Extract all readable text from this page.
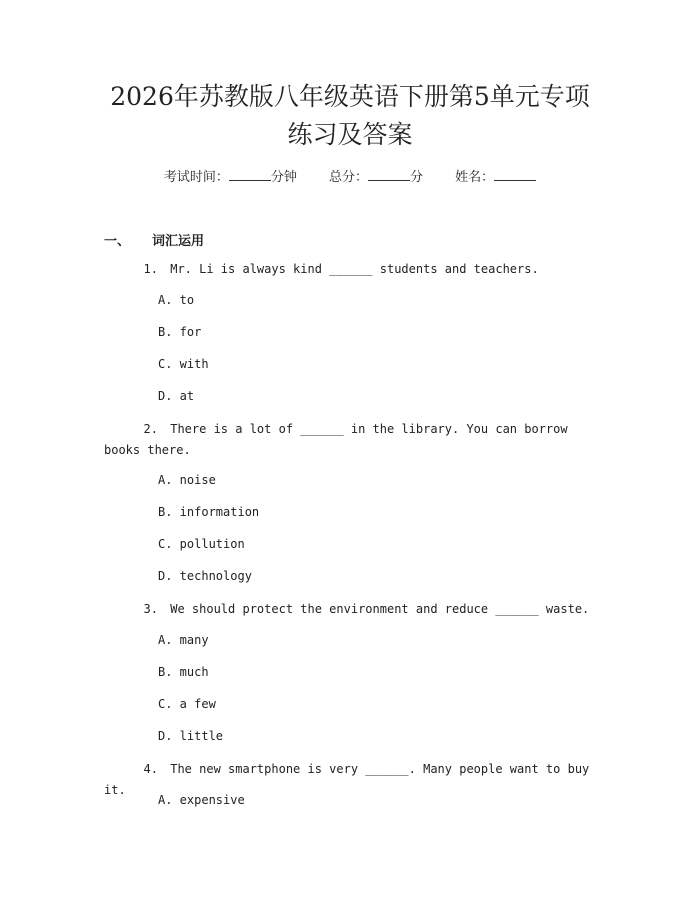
2026年苏教版八年级英语下册第5单元专项
练习及答案
考试时间：	分钟 总分：	分 姓名：
一、 词汇运用
1. Mr. Li is always kind ______ students and teachers.
A. to
B. for
C. with
D. at
2. There is a lot of ______ in the library. You can borrow books there.
A. noise
B. information
C. pollution
D. technology
3. We should protect the environment and reduce ______ waste.
A. many
B. much
C. a few
D. little
4. The new smartphone is very ______. Many people want to buy it.
A. expensive
